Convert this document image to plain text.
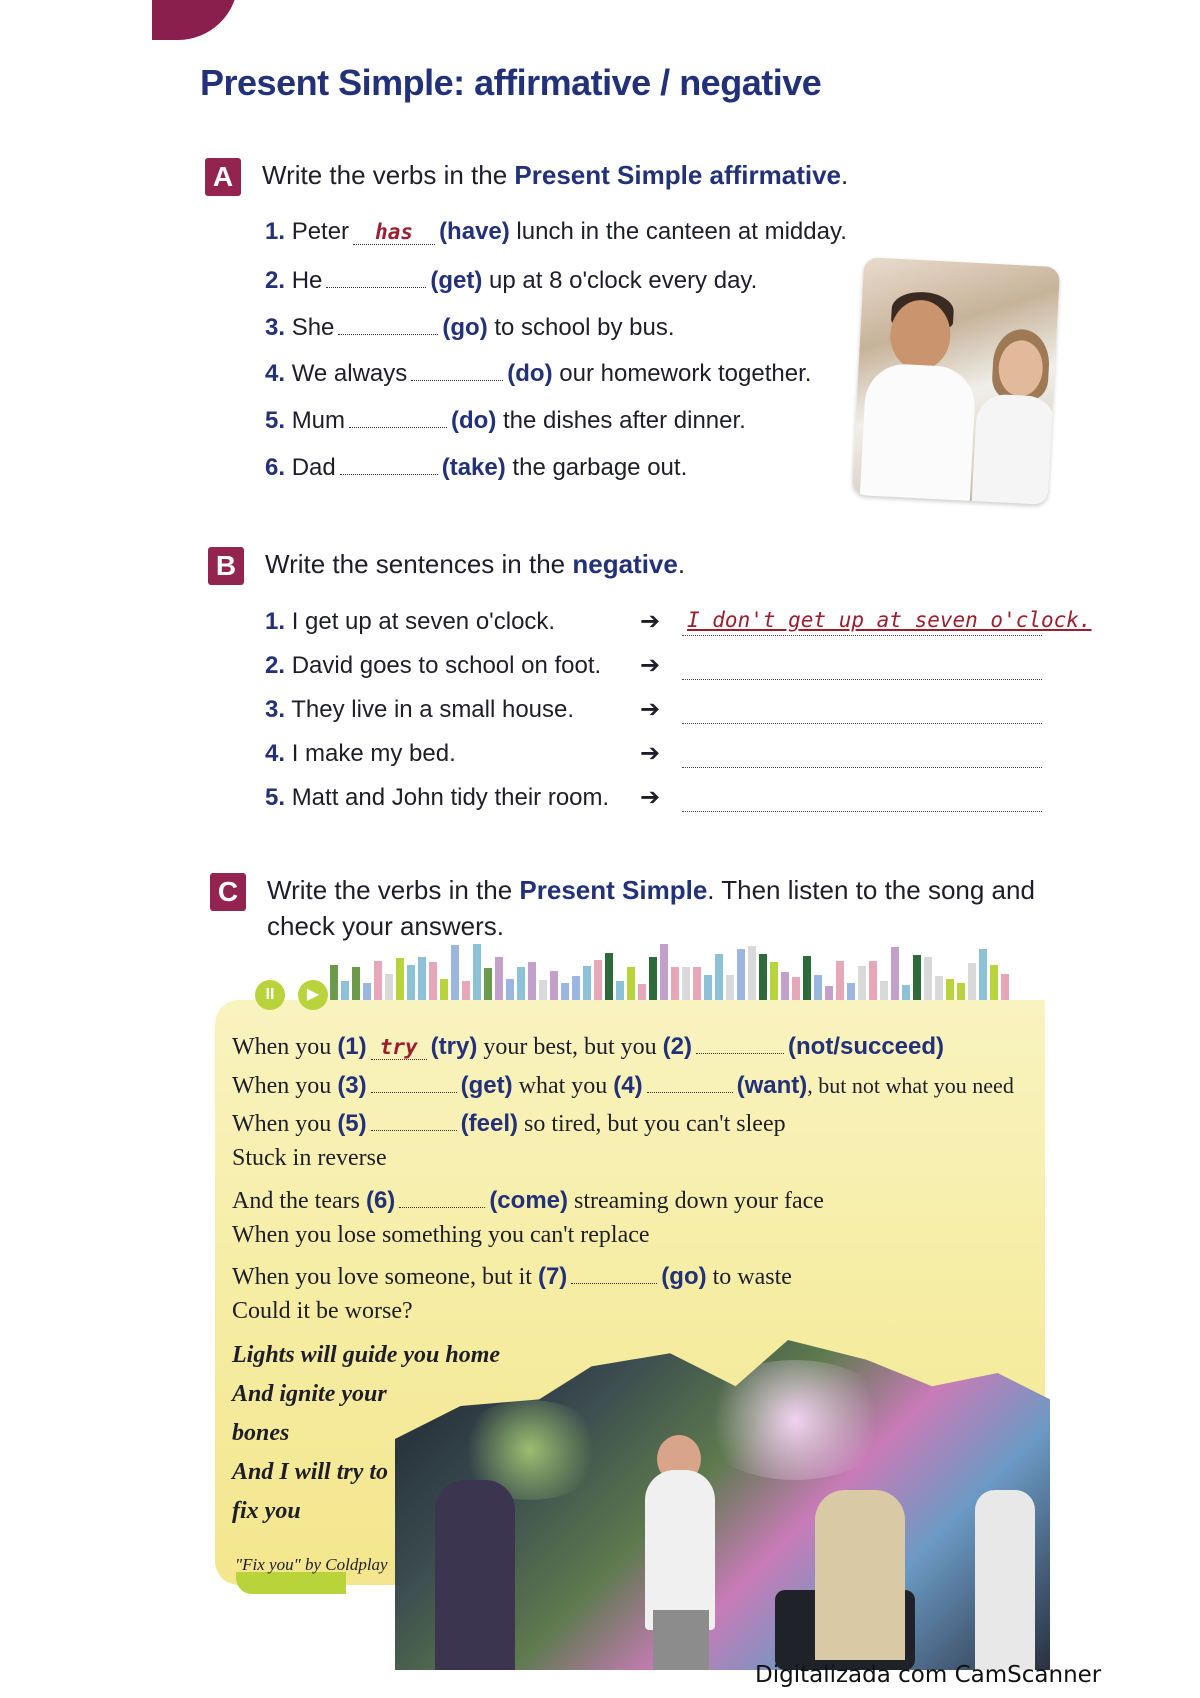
Present Simple: affirmative / negative
A	Write the verbs in the Present Simple affirmative.
1. Peter has (have) lunch in the canteen at midday.
2. He	(get) up at 8 o'clock every day.
3. She	(go) to school by bus.
4. We always	(do) our homework together.
5. Mum	(do) the dishes after dinner.
6. Dad	(take) the garbage out.
B	Write the sentences in the negative.
1. I get up at seven o'clock.	➔ I don't get up at seven o'clock.
2. David goes to school on foot. ➔
3. They live in a small house.	➔
4. I make my bed.	➔
5. Matt and John tidy their room. ➔
C	Write the verbs in the Present Simple. Then listen to the song and
check your answers.
II	▶
When you (1) try (try) your best, but you (2)	(not/succeed)
When you (3)	(get) what you (4)	(want), but not what you need
When you (5)	(feel) so tired, but you can't sleep
Stuck in reverse
And the tears (6)	(come) streaming down your face
When you lose something you can't replace
When you love someone, but it (7)	(go) to waste
Could it be worse?
Lights will guide you home
And ignite your
bones
And I will try to
fix you
"Fix you" by Coldplay
Digitalizada com CamScanner
